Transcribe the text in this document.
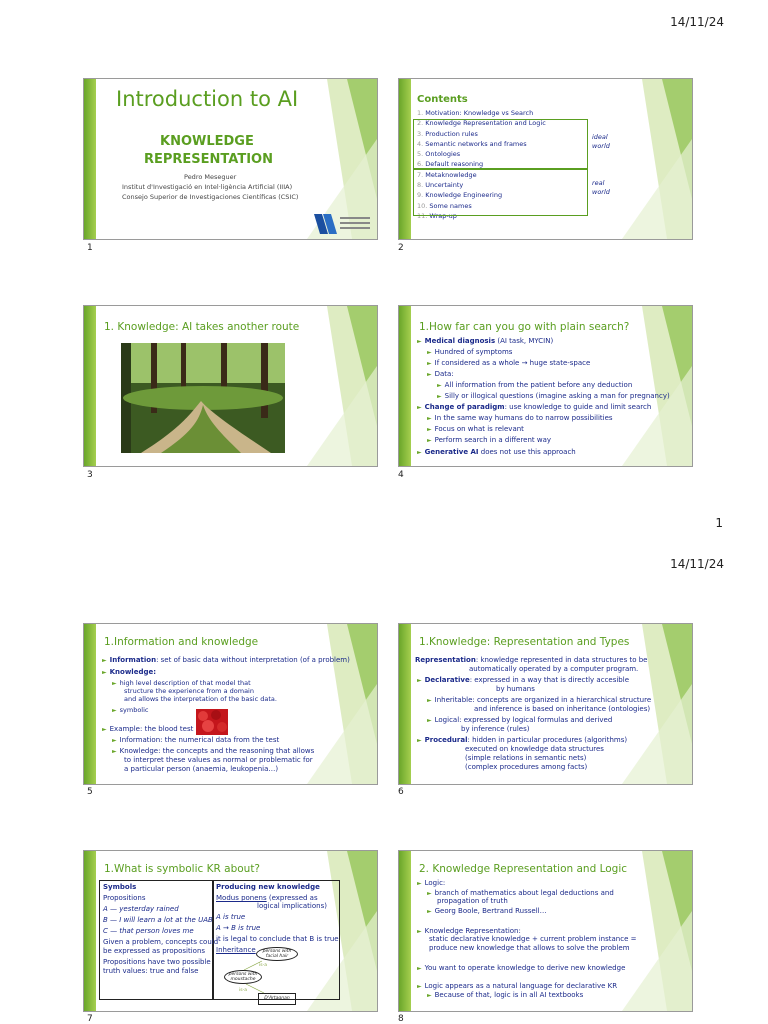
14/11/24
1
14/11/24
Introduction to AI
KNOWLEDGE
REPRESENTATION
Pedro Meseguer
Institut d'Investigació en Intel·ligència Artificial (IIIA)
Consejo Superior de Investigaciones Científicas (CSIC)
1
Contents
1. Motivation: Knowledge vs Search
2. Knowledge Representation and Logic
3. Production rules
4. Semantic networks and frames
5. Ontologies
6. Default reasoning
7. Metaknowledge
8. Uncertainty
9. Knowledge Engineering
10. Some names
11. Wrap-up
ideal world
real world
2
1. Knowledge: AI takes another route
3
1.How far can you go with plain search?
► Medical diagnosis (AI task, MYCIN)
► Hundred of symptoms
► If considered as a whole → huge state-space
► Data:
► All information from the patient before any deduction
► Silly or illogical questions (imagine asking a man for pregnancy)
► Change of paradigm: use knowledge to guide and limit search
► In the same way humans do to narrow possibilities
► Focus on what is relevant
► Perform search in a different way
► Generative AI does not use this approach
4
1.Information and knowledge
► Information: set of basic data without interpretation (of a problem)
► Knowledge:
► high level description of that model that
structure the experience from a domain
and allows the interpretation of the basic data.
► symbolic
► Example: the blood test
► Information: the numerical data from the test
► Knowledge: the concepts and the reasoning that allows
to interpret these values as normal or problematic for
a particular person (anaemia, leukopenia…)
5
1.Knowledge: Representation and Types
Representation: knowledge represented in data structures to be
automatically operated by a computer program.
► Declarative: expressed in a way that is directly accesible
by humans
► Inheritable: concepts are organized in a hierarchical structure
and inference is based on inheritance (ontologies)
► Logical: expressed by logical formulas and derived
by inference (rules)
► Procedural: hidden in particular procedures (algorithms)
executed on knowledge data structures
(simple relations in semantic nets)
(complex procedures among facts)
6
1.What is symbolic KR about?
Symbols
Propositions
A — yesterday rained
B — I will learn a lot at the UAB
C — that person loves me
Given a problem, concepts could
be expressed as propositions
Propositions have two possible
truth values: true and false
Producing new knowledge
Modus ponens (expressed as
logical implications)
A is true
A → B is true
it is legal to conclude that B is true
Inheritance	persons with facial hair
persons with moustache
D'Artagnan
is-a
is-a
7
2. Knowledge Representation and Logic
► Logic:
► branch of mathematics about legal deductions and
propagation of truth
► Georg Boole, Bertrand Russell…
► Knowledge Representation:
static declarative knowledge + current problem instance =
produce new knowledge that allows to solve the problem
► You want to operate knowledge to derive new knowledge
► Logic appears as a natural language for declarative KR
► Because of that, logic is in all AI textbooks
8
